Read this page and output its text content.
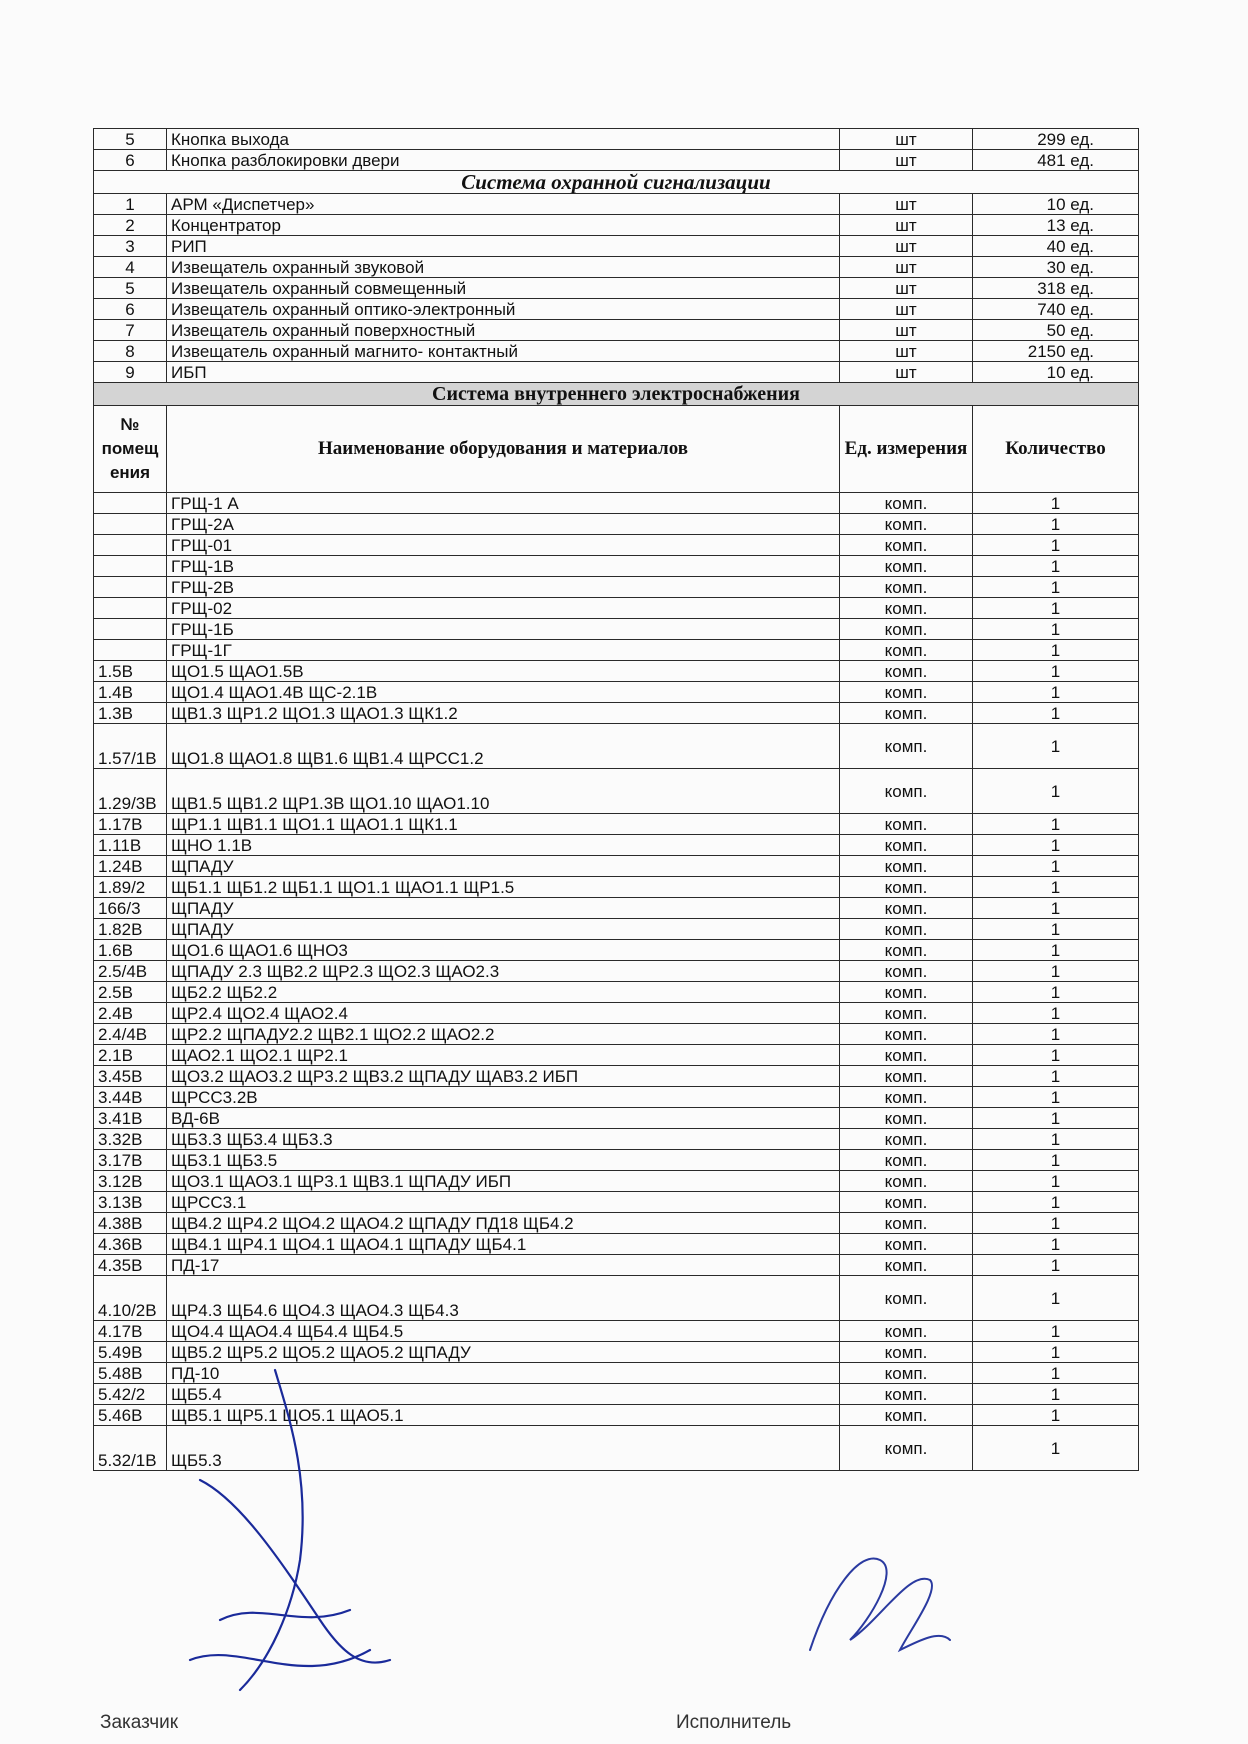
5	Кнопка выхода	шт	299 ед.
6	Кнопка разблокировки двери	шт	481 ед.
Система охранной сигнализации			
1	АРМ «Диспетчер»	шт	10 ед.
2	Концентратор	шт	13 ед.
3	РИП	шт	40 ед.
4	Извещатель охранный звуковой	шт	30 ед.
5	Извещатель охранный совмещенный	шт	318 ед.
6	Извещатель охранный оптико-электронный	шт	740 ед.
7	Извещатель охранный поверхностный	шт	50 ед.
8	Извещатель охранный магнито- контактный	шт	2150 ед.
9	ИБП	шт	10 ед.
Система внутреннего электроснабжения			
№ помещ ения	Наименование оборудования и материалов	Ед. измерения	Количество
	ГРЩ-1 А	комп.	1
	ГРЩ-2А	комп.	1
	ГРЩ-01	комп.	1
	ГРЩ-1В	комп.	1
	ГРЩ-2В	комп.	1
	ГРЩ-02	комп.	1
	ГРЩ-1Б	комп.	1
	ГРЩ-1Г	комп.	1
1.5В	ЩО1.5 ЩАО1.5В	комп.	1
1.4В	ЩО1.4 ЩАО1.4В ЩС-2.1В	комп.	1
1.3В	ЩВ1.3 ЩР1.2 ЩО1.3 ЩАО1.3 ЩК1.2	комп.	1
1.57/1В	ЩО1.8 ЩАО1.8 ЩВ1.6 ЩВ1.4 ЩРСС1.2	комп.	1
1.29/3В	ЩВ1.5 ЩВ1.2 ЩР1.3В ЩО1.10 ЩАО1.10	комп.	1
1.17В	ЩР1.1 ЩВ1.1 ЩО1.1 ЩАО1.1 ЩК1.1	комп.	1
1.11В	ЩНО 1.1В	комп.	1
1.24В	ЩПАДУ	комп.	1
1.89/2	ЩБ1.1 ЩБ1.2 ЩБ1.1 ЩО1.1 ЩАО1.1 ЩР1.5	комп.	1
166/3	ЩПАДУ	комп.	1
1.82В	ЩПАДУ	комп.	1
1.6В	ЩО1.6 ЩАО1.6 ЩНО3	комп.	1
2.5/4В	ЩПАДУ 2.3 ЩВ2.2 ЩР2.3 ЩО2.3 ЩАО2.3	комп.	1
2.5В	ЩБ2.2 ЩБ2.2	комп.	1
2.4В	ЩР2.4 ЩО2.4 ЩАО2.4	комп.	1
2.4/4В	ЩР2.2 ЩПАДУ2.2 ЩВ2.1 ЩО2.2 ЩАО2.2	комп.	1
2.1В	ЩАО2.1 ЩО2.1 ЩР2.1	комп.	1
3.45В	ЩО3.2 ЩАО3.2 ЩР3.2 ЩВ3.2 ЩПАДУ ЩАВ3.2 ИБП	комп.	1
3.44В	ЩРСС3.2В	комп.	1
3.41В	ВД-6В	комп.	1
3.32В	ЩБ3.3 ЩБ3.4 ЩБ3.3	комп.	1
3.17В	ЩБ3.1 ЩБ3.5	комп.	1
3.12В	ЩО3.1 ЩАО3.1 ЩР3.1 ЩВ3.1 ЩПАДУ ИБП	комп.	1
3.13В	ЩРСС3.1	комп.	1
4.38В	ЩВ4.2 ЩР4.2 ЩО4.2 ЩАО4.2 ЩПАДУ ПД18 ЩБ4.2	комп.	1
4.36В	ЩВ4.1 ЩР4.1 ЩО4.1 ЩАО4.1 ЩПАДУ ЩБ4.1	комп.	1
4.35В	ПД-17	комп.	1
4.10/2В	ЩР4.3 ЩБ4.6 ЩО4.3 ЩАО4.3 ЩБ4.3	комп.	1
4.17В	ЩО4.4 ЩАО4.4 ЩБ4.4 ЩБ4.5	комп.	1
5.49В	ЩВ5.2 ЩР5.2 ЩО5.2 ЩАО5.2 ЩПАДУ	комп.	1
5.48В	ПД-10	комп.	1
5.42/2	ЩБ5.4	комп.	1
5.46В	ЩВ5.1 ЩР5.1 ЩО5.1 ЩАО5.1	комп.	1
5.32/1В	ЩБ5.3	комп.	1
Заказчик	Исполнитель
